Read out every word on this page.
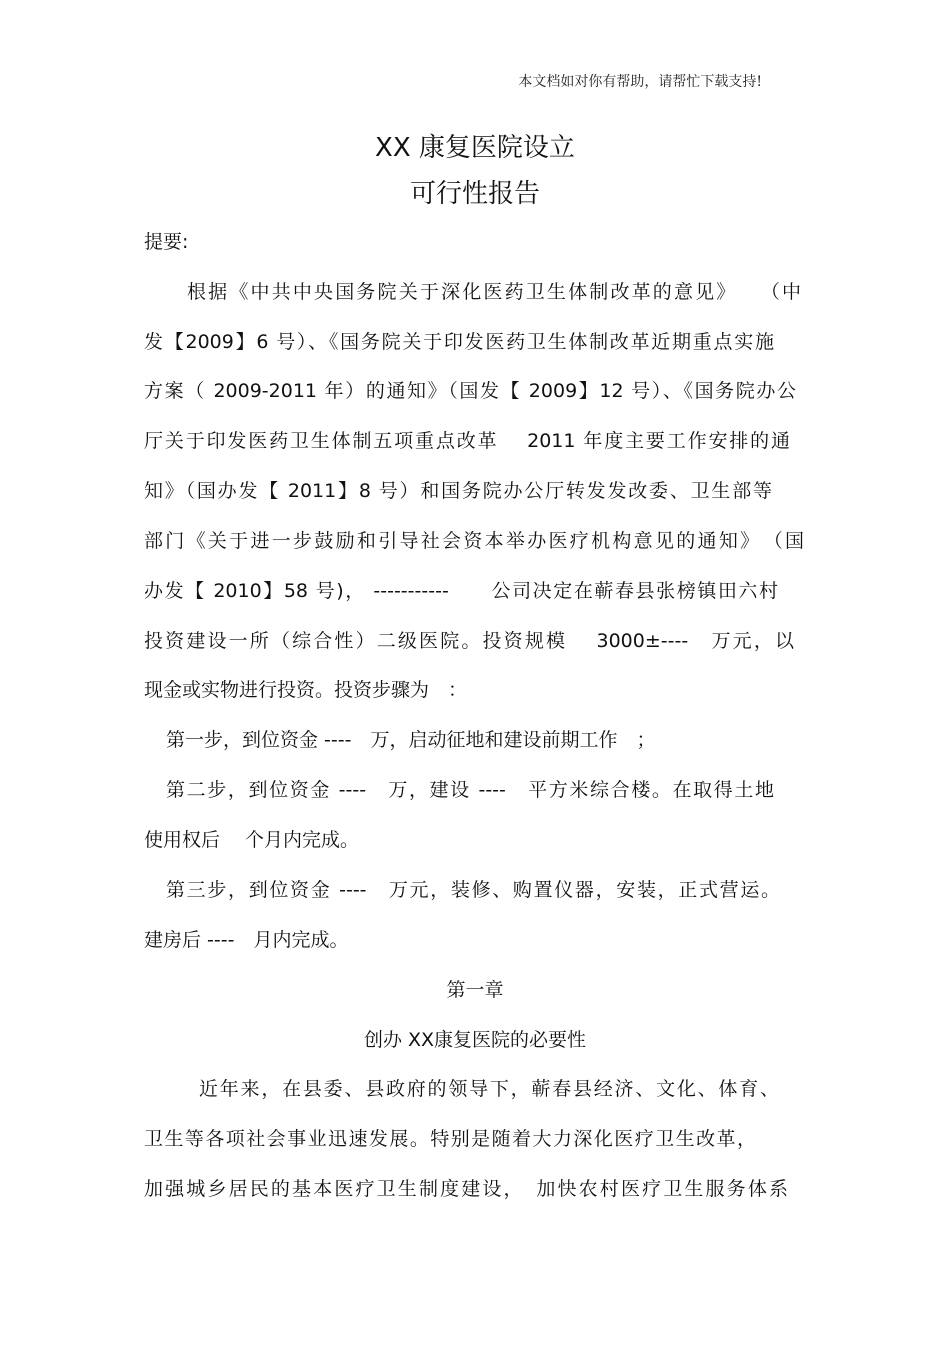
本文档如对你有帮助，请帮忙下载支持!
XX 康复医院设立
可行性报告
提要:
根据《中共中央国务院关于深化医药卫生体制改革的意见》　　（中
发【2009】6 号）、《国务院关于印发医药卫生体制改革近期重点实施
方案（ 2009-2011 年）的通知》（国发【 2009】12 号）、《国务院办公
厅关于印发医药卫生体制五项重点改革　 2011 年度主要工作安排的通
知》（国办发【 2011】8 号）和国务院办公厅转发发改委、卫生部等
部门《关于进一步鼓励和引导社会资本举办医疗机构意见的通知》　（国
办发【 2010】58 号)， -----------　　公司决定在蕲春县张榜镇田六村
投资建设一所（综合性）二级医院。投资规模　 3000±----　万元，以
现金或实物进行投资。投资步骤为　：
第一步，到位资金 ----　万，启动征地和建设前期工作　；
第二步，到位资金 ----　万，建设 ----　平方米综合楼。在取得土地
使用权后　 个月内完成。
第三步，到位资金 ----　万元，装修、购置仪器，安装，正式营运。
建房后 ----　月内完成。
第一章
创办 XX康复医院的必要性
近年来，在县委、县政府的领导下，蕲春县经济、文化、体育、
卫生等各项社会事业迅速发展。特别是随着大力深化医疗卫生改革，
加强城乡居民的基本医疗卫生制度建设，　加快农村医疗卫生服务体系
